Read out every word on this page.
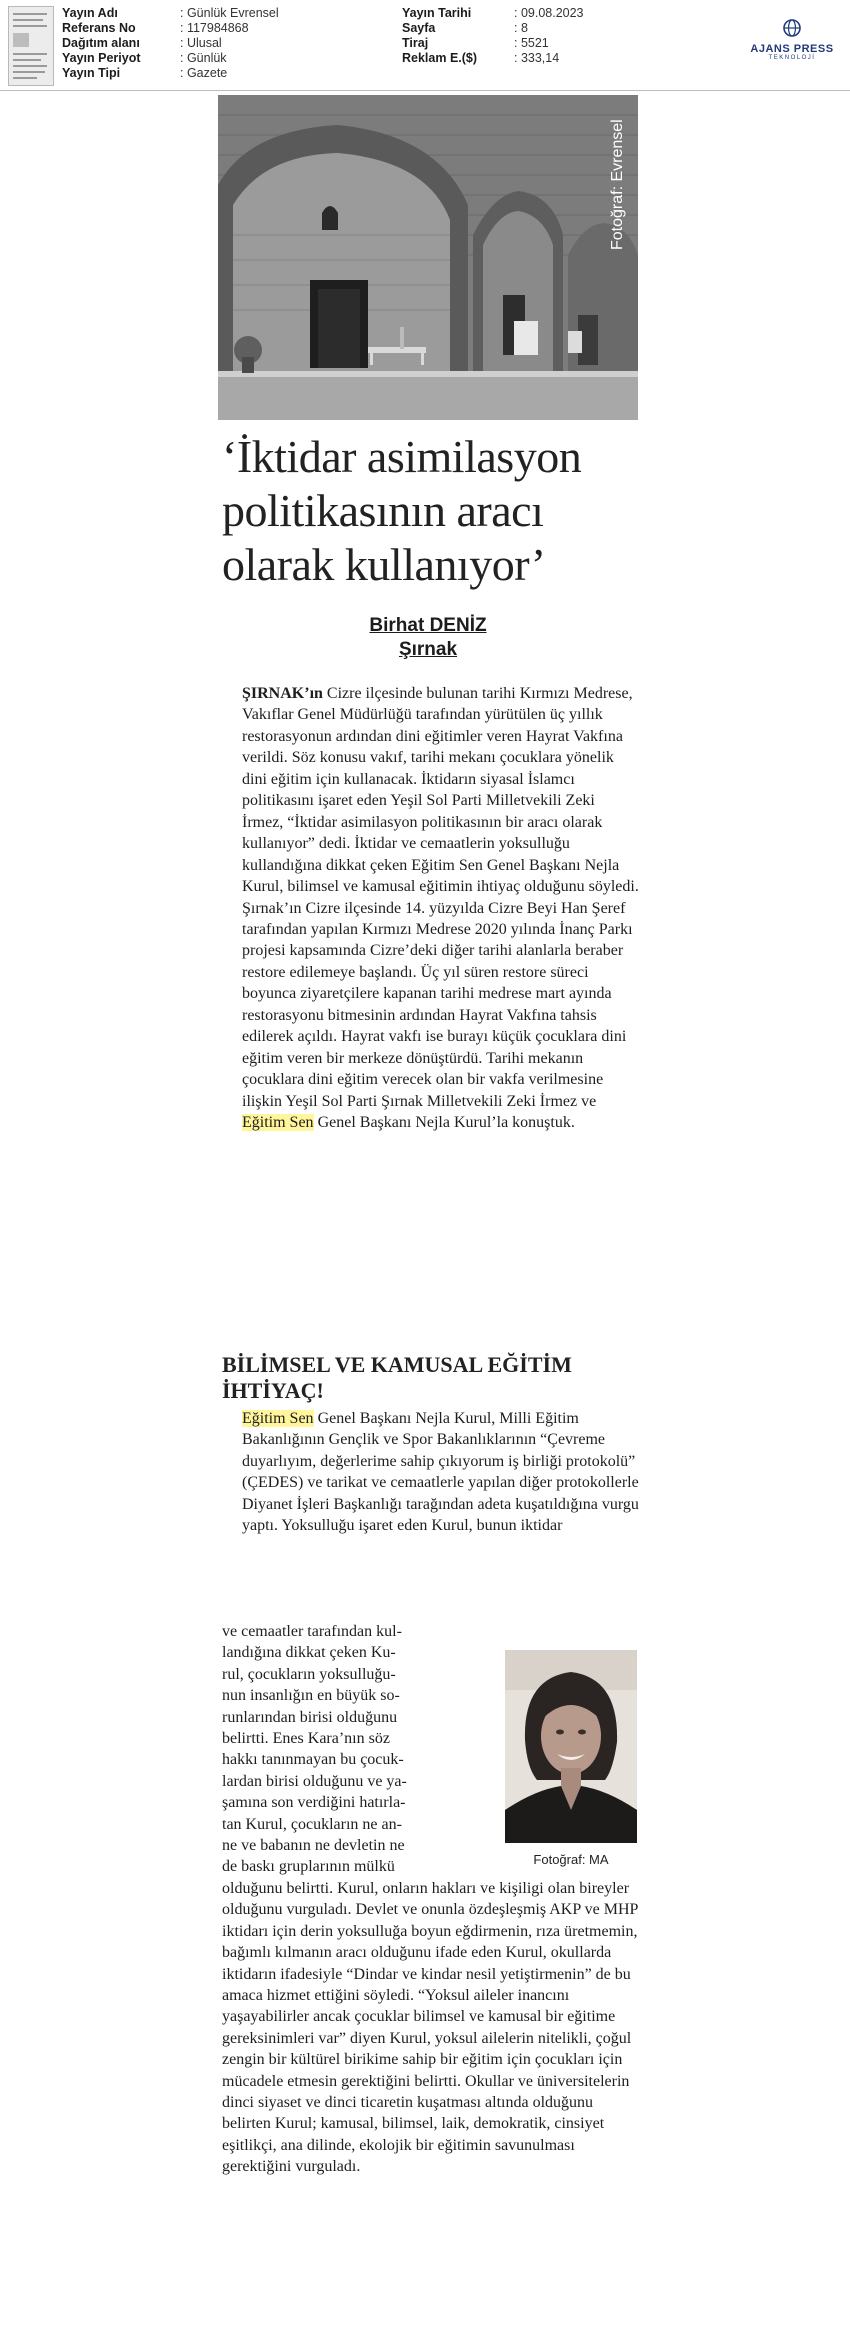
Yayın Adı	: Günlük Evrensel
Referans No	: 117984868
Dağıtım alanı	: Ulusal
Yayın Periyot	: Günlük
Yayın Tipi	: Gazete
Yayın Tarihi	: 09.08.2023
Sayfa	: 8
Tiraj	: 5521
Reklam E.($)	: 333,14
AJANS PRESS
TEKNOLOJİ
Fotoğraf: Evrensel
‘İktidar asimilasyon politikasının aracı olarak kullanıyor’
Birhat DENİZ
Şırnak

ŞIRNAK’ın Cizre ilçesinde bulunan tarihi Kırmızı Medrese, Vakıflar Genel Müdürlüğü tarafından yürütülen üç yıllık restorasyonun ardından dini eğitimler veren Hayrat Vakfına verildi. Söz konusu vakıf, tarihi mekanı çocuklara yönelik dini eğitim için kullanacak. İktidarın siyasal İslamcı politikasını işaret eden Yeşil Sol Parti Milletvekili Zeki İrmez, “İktidar asimilasyon politikasının bir aracı olarak kullanıyor” dedi. İktidar ve cemaatlerin yoksulluğu kullandığına dikkat çeken Eğitim Sen Genel Başkanı Nejla Kurul, bilimsel ve kamusal eğitimin ihtiyaç olduğunu söyledi.

Şırnak’ın Cizre ilçesinde 14. yüzyılda Cizre Beyi Han Şeref tarafından yapılan Kırmızı Medrese 2020 yılında İnanç Parkı projesi kapsamında Cizre’deki diğer tarihi alanlarla beraber restore edilemeye başlandı. Üç yıl süren restore süreci boyunca ziyaretçilere kapanan tarihi medrese mart ayında restorasyonu bitmesinin ardından Hayrat Vakfına tahsis edilerek açıldı. Hayrat vakfı ise burayı küçük çocuklara dini eğitim veren bir merkeze dönüştürdü. Tarihi mekanın çocuklara dini eğitim verecek olan bir vakfa verilmesine ilişkin Yeşil Sol Parti Şırnak Milletvekili Zeki İrmez ve Eğitim Sen Genel Başkanı Nejla Kurul’la konuştuk.

BİLİMSEL VE KAMUSAL EĞİTİM İHTİYAÇ!

Eğitim Sen Genel Başkanı Nejla Kurul, Milli Eğitim Bakanlığının Gençlik ve Spor Bakanlıklarının “Çevreme duyarlıyım, değerlerime sahip çıkıyorum iş birliği protokolü” (ÇEDES) ve tarikat ve cemaatlerle yapılan diğer protokollerle Diyanet İşleri Başkanlığı tarağından adeta kuşatıldığına vurgu yaptı. Yoksulluğu işaret eden Kurul, bunun iktidar

ve cemaatler tarafından kul-
landığına dikkat çeken Ku-
rul, çocukların yoksulluğu-
nun insanlığın en büyük so-
runlarından birisi olduğunu
belirtti. Enes Kara’nın söz
hakkı tanınmayan bu çocuk-
lardan birisi olduğunu ve ya-
şamına son verdiğini hatırla-
tan Kurul, çocukların ne an-
ne ve babanın ne devletin ne
de baskı gruplarının mülkü

olduğunu belirtti. Kurul, onların hakları ve kişiligi olan bireyler olduğunu vurguladı. Devlet ve onunla özdeşleşmiş AKP ve MHP iktidarı için derin yoksulluğa boyun eğdirmenin, rıza üretmemin, bağımlı kılmanın aracı olduğunu ifade eden Kurul, okullarda iktidarın ifadesiyle “Dindar ve kindar nesil yetiştirmenin” de bu amaca hizmet ettiğini söyledi. “Yoksul aileler inancını yaşayabilirler ancak çocuklar bilimsel ve kamusal bir eğitime gereksinimleri var” diyen Kurul, yoksul ailelerin nitelikli, çoğul zengin bir kültürel birikime sahip bir eğitim için çocukları için mücadele etmesin gerektiğini belirtti. Okullar ve üniversitelerin dinci siyaset ve dinci ticaretin kuşatması altında olduğunu belirten Kurul; kamusal, bilimsel, laik, demokratik, cinsiyet eşitlikçi, ana dilinde, ekolojik bir eğitimin savunulması gerektiğini vurguladı.

Fotoğraf: MA
